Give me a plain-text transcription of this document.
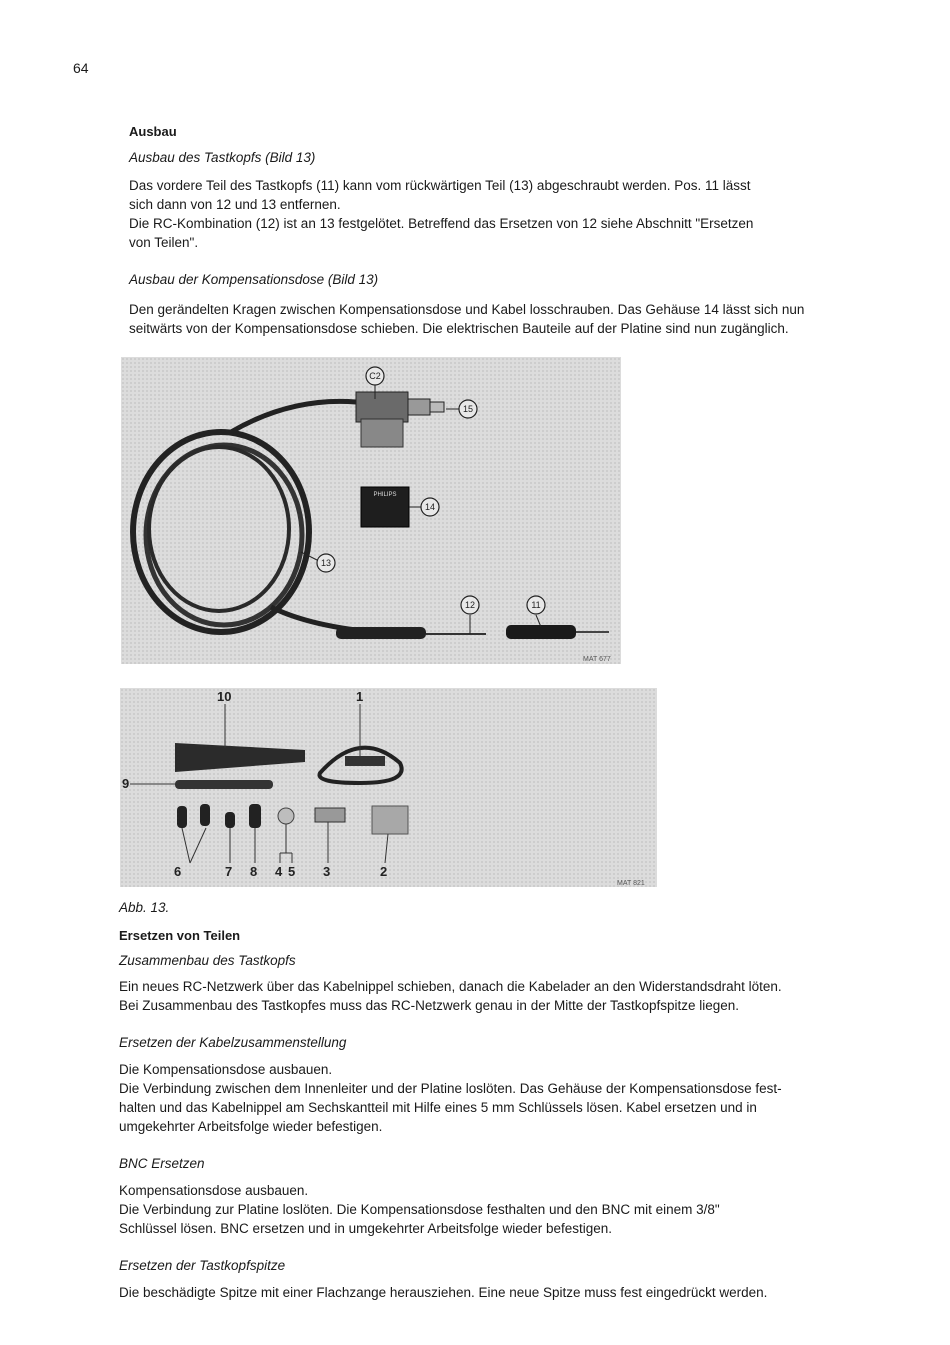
64
Ausbau
Ausbau des Tastkopfs (Bild 13)

Das vordere Teil des Tastkopfs (11) kann vom rückwärtigen Teil (13) abgeschraubt werden. Pos. 11 lässt

sich dann von 12 und 13 entfernen.

Die RC-Kombination (12) ist an 13 festgelötet. Betreffend das Ersetzen von 12 siehe Abschnitt "Ersetzen

von Teilen".

Ausbau der Kompensationsdose (Bild 13)

Den gerändelten Kragen zwischen Kompensationsdose und Kabel losschrauben. Das Gehäuse 14 lässt sich nun

seitwärts von der Kompensationsdose schieben. Die elektrischen Bauteile auf der Platine sind nun zugänglich.

PHILIPS
C2
15
14
13
12	11
MAT 677
10	1
9
6	7 8 4 5 3	2
MAT 821
Abb. 13.
Ersetzen von Teilen
Zusammenbau des Tastkopfs

Ein neues RC-Netzwerk über das Kabelnippel schieben, danach die Kabelader an den Widerstandsdraht löten.

Bei Zusammenbau des Tastkopfes muss das RC-Netzwerk genau in der Mitte der Tastkopfspitze liegen.

Ersetzen der Kabelzusammenstellung

Die Kompensationsdose ausbauen.

Die Verbindung zwischen dem Innenleiter und der Platine loslöten. Das Gehäuse der Kompensationsdose fest-

halten und das Kabelnippel am Sechskantteil mit Hilfe eines 5 mm Schlüssels lösen. Kabel ersetzen und in

umgekehrter Arbeitsfolge wieder befestigen.

BNC Ersetzen

Kompensationsdose ausbauen.

Die Verbindung zur Platine loslöten. Die Kompensationsdose festhalten und den BNC mit einem 3/8"

Schlüssel lösen. BNC ersetzen und in umgekehrter Arbeitsfolge wieder befestigen.

Ersetzen der Tastkopfspitze

Die beschädigte Spitze mit einer Flachzange herausziehen. Eine neue Spitze muss fest eingedrückt werden.
